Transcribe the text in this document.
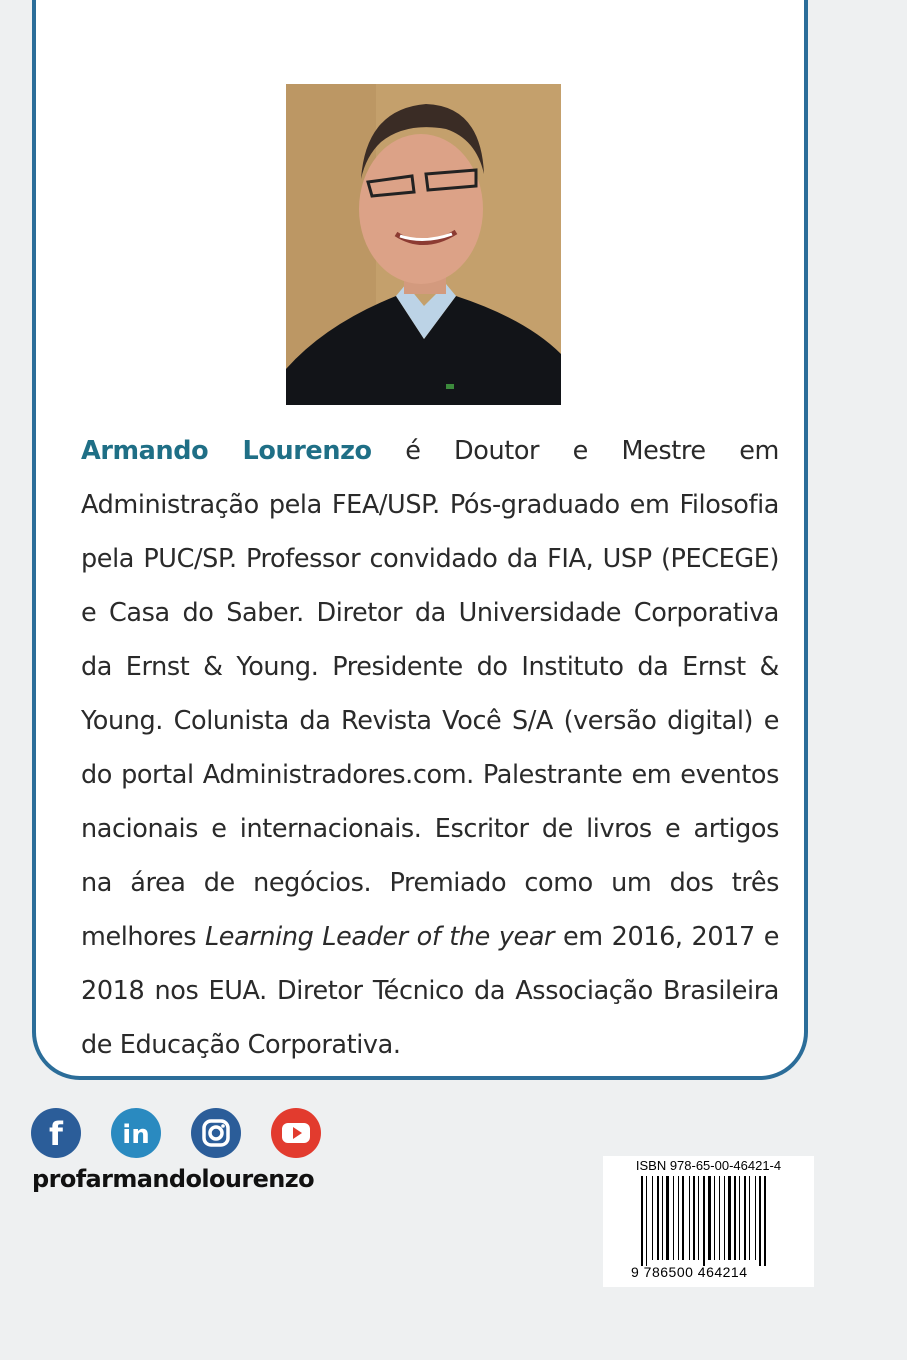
Armando Lourenzo é Doutor e Mestre em Administração pela FEA/USP. Pós-graduado em Filosofia pela PUC/SP. Professor convidado da FIA, USP (PECEGE) e Casa do Saber. Diretor da Universidade Corporativa da Ernst & Young. Presidente do Instituto da Ernst & Young. Colunista da Revista Você S/A (versão digital) e do portal Administradores.com. Palestrante em eventos nacionais e internacionais. Escritor de livros e artigos na área de negócios. Premiado como um dos três melhores Learning Leader of the year em 2016, 2017 e 2018 nos EUA. Diretor Técnico da Associação Brasileira de Educação Corporativa.

f in
profarmandolourenzo	ISBN 978-65-00-46421-4
9 786500 464214
